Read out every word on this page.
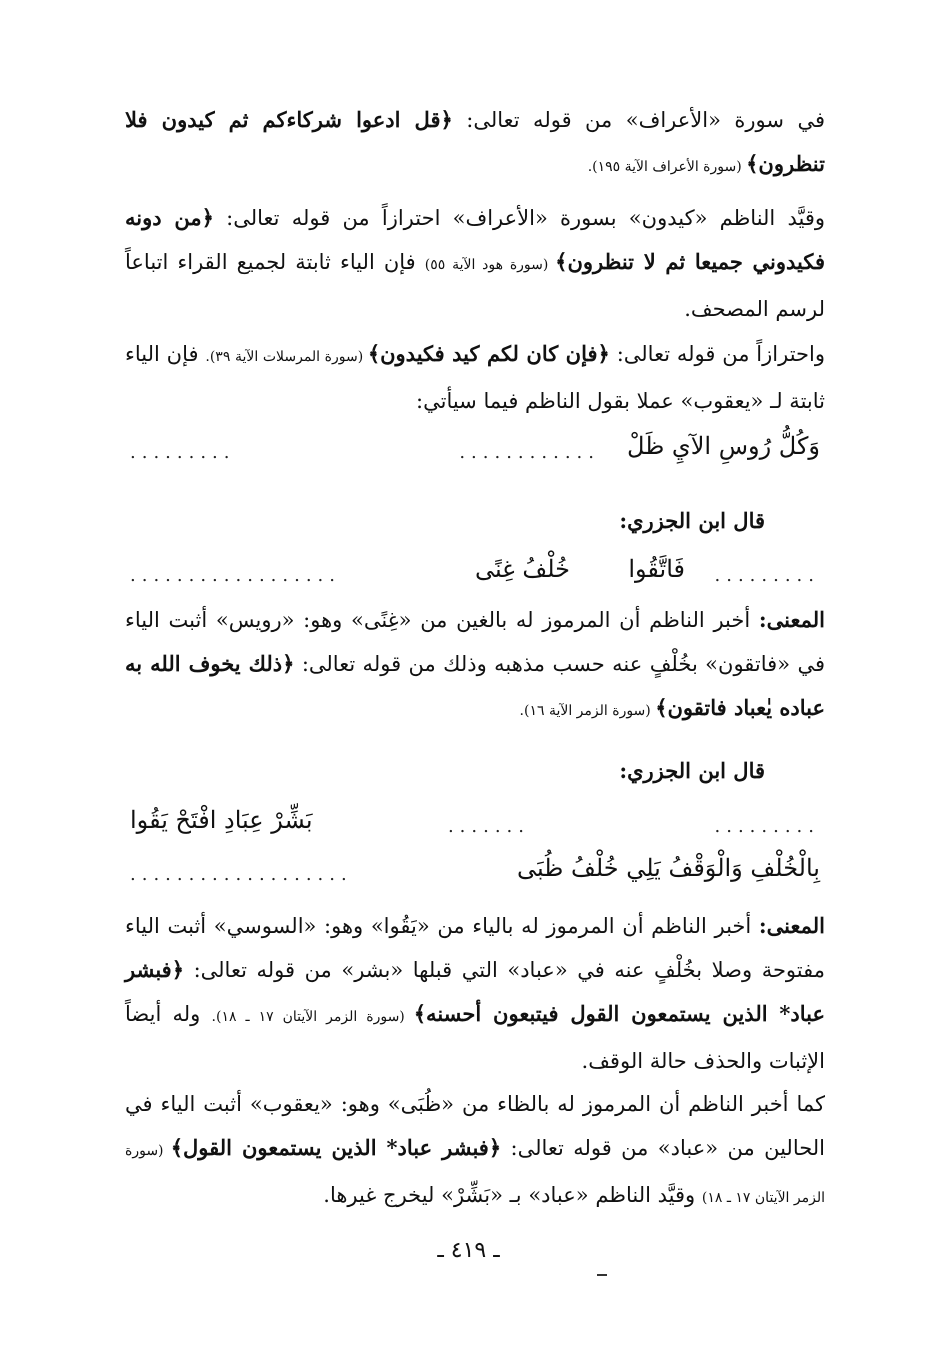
في سورة «الأعراف» من قوله تعالى: ﴿قل ادعوا شركاءكم ثم كيدون فلا تنظرون﴾ (سورة الأعراف الآية ١٩٥).
وقيَّد الناظم «كيدون» بسورة «الأعراف» احترازاً من قوله تعالى: ﴿من دونه فكيدوني جميعا ثم لا تنظرون﴾ (سورة هود الآية ٥٥) فإن الياء ثابتة لجميع القراء اتباعاً لرسم المصحف.
واحترازاً من قوله تعالى: ﴿فإن كان لكم كيد فكيدون﴾ (سورة المرسلات الآية ٣٩). فإن الياء ثابتة لـ «يعقوب» عملا بقول الناظم فيما سيأتي:
وَكُلُّ رُوسِ الآيِ ظَلْ
............
.........
قال ابن الجزري:
.........
فَاتَّقُوا
خُلْفُ غِنًى
..................
المعنى: أخبر الناظم أن المرموز له بالغين من «غِنًى» وهو: «رويس» أثبت الياء في «فاتقون» بخُلْفٍ عنه حسب مذهبه وذلك من قوله تعالى: ﴿ذلك يخوف الله به عباده يٰعباد فاتقون﴾ (سورة الزمر الآية ١٦).
قال ابن الجزري:
.........
.......
بَشِّرْ عِبَادِ افْتَحْ يَقُوا
بِالْخُلْفِ وَالْوَقْفُ يَلِي خُلْفُ ظُبَى
...................
المعنى: أخبر الناظم أن المرموز له بالياء من «يَقُوا» وهو: «السوسي» أثبت الياء مفتوحة وصلا بخُلْفٍ عنه في «عباد» التي قبلها «بشر» من قوله تعالى: ﴿فبشر عباد* الذين يستمعون القول فيتبعون أحسنه﴾ (سورة الزمر الآيتان ١٧ ـ ١٨). وله أيضاً الإثبات والحذف حالة الوقف.
كما أخبر الناظم أن المرموز له بالظاء من «ظُبَى» وهو: «يعقوب» أثبت الياء في الحالين من «عباد» من قوله تعالى: ﴿فبشر عباد* الذين يستمعون القول﴾ (سورة الزمر الآيتان ١٧ ـ ١٨) وقيَّد الناظم «عباد» بـ «بَشِّرْ» ليخرج غيرها.
ـ ٤١٩ ـ
